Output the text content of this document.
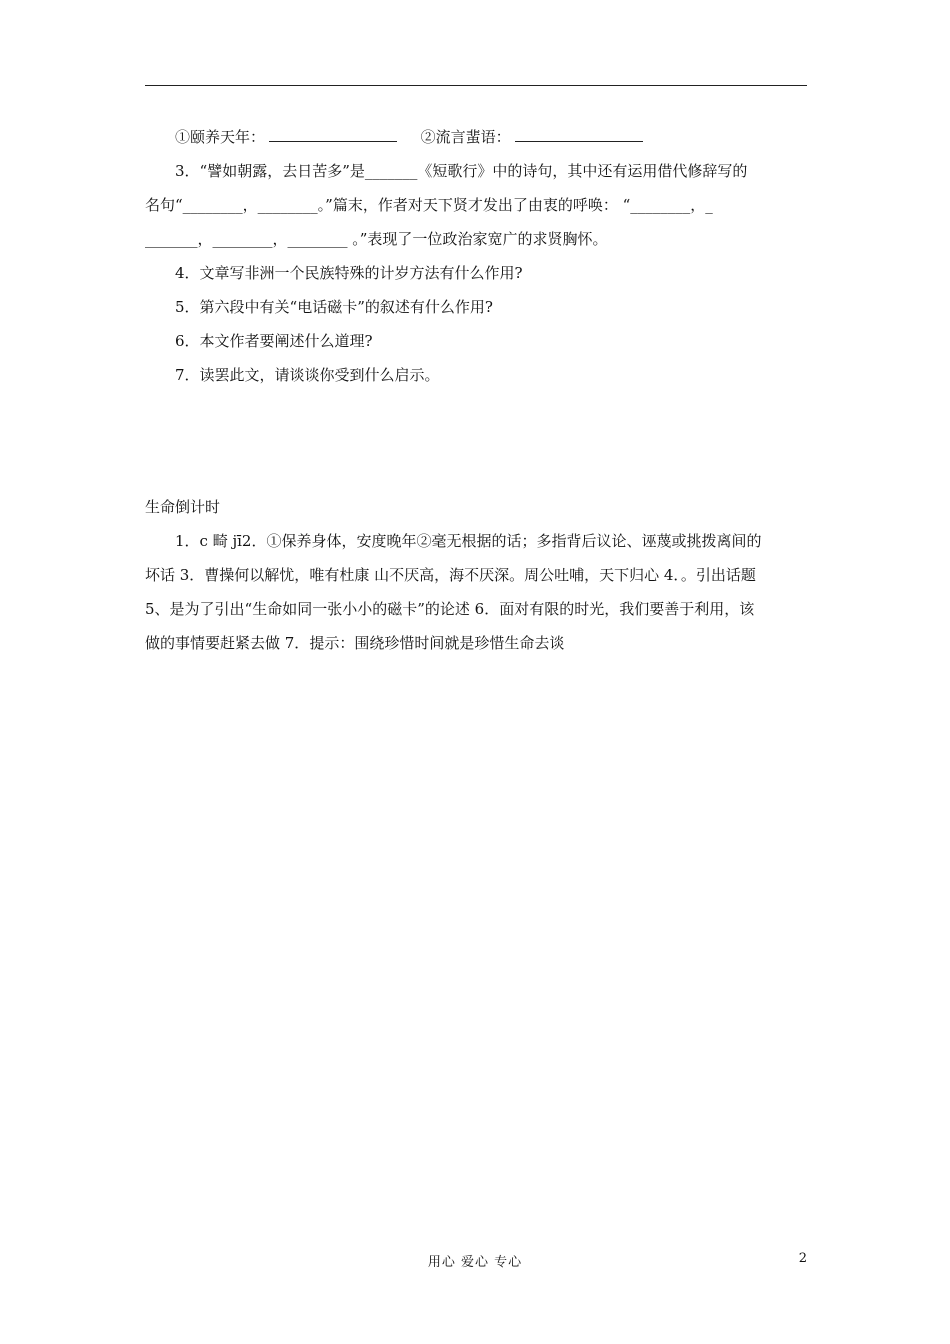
①颐养天年：	②流言蜚语：
3．“譬如朝露，去日苦多”是_______《短歌行》中的诗句，其中还有运用借代修辞写的
名句“________，________。”篇末，作者对天下贤才发出了由衷的呼唤： “________，_
_______，________，________ 。”表现了一位政治家宽广的求贤胸怀。
4．文章写非洲一个民族特殊的计岁方法有什么作用?
5．第六段中有关“电话磁卡”的叙述有什么作用?
6．本文作者要阐述什么道理?
7．读罢此文，请谈谈你受到什么启示。
生命倒计时
1．c 畸 jī2．①保养身体，安度晚年②毫无根据的话；多指背后议论、诬蔑或挑拨离间的
坏话 3．曹操何以解忧，唯有杜康 山不厌高，海不厌深。周公吐哺，天下归心 4．。引出话题
5、是为了引出“生命如同一张小小的磁卡”的论述 6．面对有限的时光，我们要善于利用，该
做的事情要赶紧去做 7．提示：围绕珍惜时间就是珍惜生命去谈
用心 爱心 专心	2
